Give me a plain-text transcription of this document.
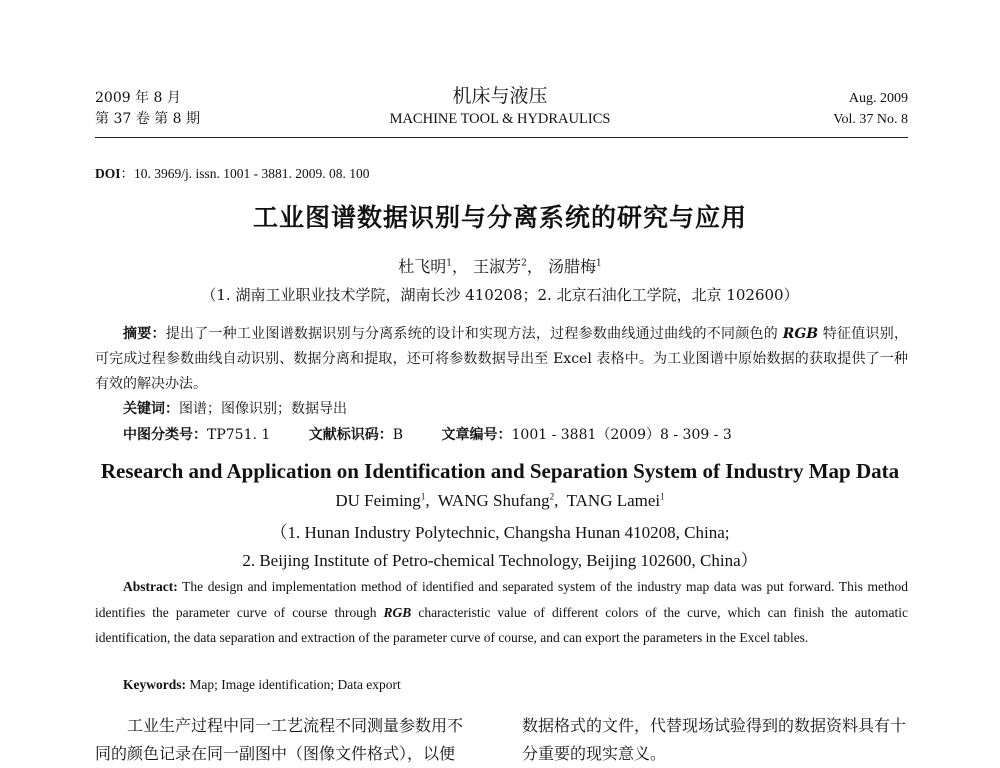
2009 年 8 月
第 37 卷 第 8 期
机床与液压
MACHINE TOOL & HYDRAULICS
Aug. 2009
Vol. 37 No. 8
DOI：10. 3969/j. issn. 1001 - 3881. 2009. 08. 100
工业图谱数据识别与分离系统的研究与应用
杜飞明$^1$， 王淑芳$^2$， 汤腊梅$^1$
（1. 湖南工业职业技术学院，湖南长沙 410208；2. 北京石油化工学院，北京 102600）
摘要：提出了一种工业图谱数据识别与分离系统的设计和实现方法，过程参数曲线通过曲线的不同颜色的 RGB 特征值识别，可完成过程参数曲线自动识别、数据分离和提取，还可将参数数据导出至 Excel 表格中。为工业图谱中原始数据的获取提供了一种有效的解决办法。
关键词：图谱；图像识别；数据导出
中图分类号：TP751. 1	文献标识码：B	文章编号：1001 - 3881（2009）8 - 309 - 3
Research and Application on Identification and Separation System of Industry Map Data
DU Feiming$^1$,  WANG Shufang$^2$,  TANG Lamei$^1$
（1. Hunan Industry Polytechnic, Changsha Hunan 410208, China;
2. Beijing Institute of Petro-chemical Technology, Beijing 102600, China）
Abstract: The design and implementation method of identified and separated system of the industry map data was put forward. This method identifies the parameter curve of course through RGB characteristic value of different colors of the curve, which can finish the automatic identification, the data separation and extraction of the parameter curve of course, and can export the parameters in the Excel tables.
Keywords: Map; Image identification; Data export
工业生产过程中同一工艺流程不同测量参数用不同的颜色记录在同一副图中（图像文件格式），以便
数据格式的文件，代替现场试验得到的数据资料具有十分重要的现实意义。
